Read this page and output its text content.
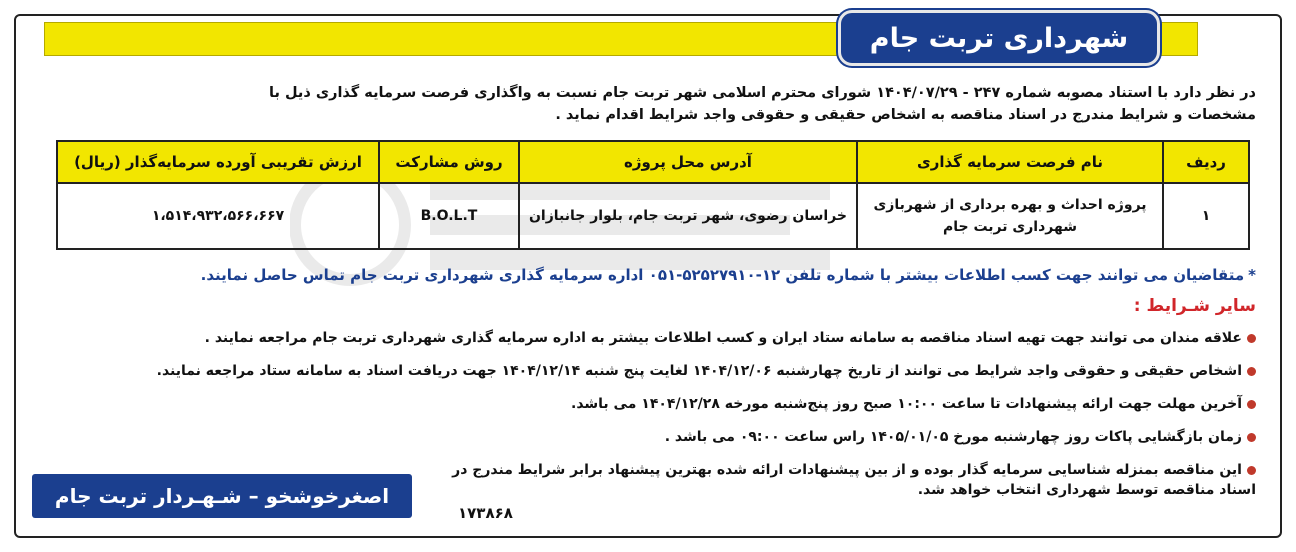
شهرداری تربت جام
در نظر دارد با استناد مصوبه شماره ۲۴۷ - ۱۴۰۴/۰۷/۲۹ شورای محترم اسلامی شهر تربت جام نسبت به واگذاری فرصت سرمایه گذاری ذیل با
مشخصات و شرایط مندرج در اسناد مناقصه به اشخاص حقیقی و حقوقی واجد شرایط اقدام نماید .
ردیف	نام فرصت سرمایه گذاری	آدرس محل پروژه	روش مشارکت	ارزش تقریبی آورده سرمایه‌گذار (ریال)
۱	پروژه احداث و بهره برداری از شهربازی شهرداری تربت جام	خراسان رضوی، شهر تربت جام، بلوار جانبازان	B.O.L.T	۱،۵۱۴،۹۳۲،۵۶۶،۶۶۷
*متقاضیان می توانند جهت کسب اطلاعات بیشتر با شماره تلفن ۱۲-۵۲۵۲۷۹۱۰-۰۵۱ اداره سرمایه گذاری شهرداری تربت جام تماس حاصل نمایند.
سایر شـرایط :
علاقه مندان می توانند جهت تهیه اسناد مناقصه به سامانه ستاد ایران و کسب اطلاعات بیشتر به اداره سرمایه گذاری شهرداری تربت جام مراجعه نمایند .
اشخاص حقیقی و حقوقی واجد شرایط می توانند از تاریخ چهارشنبه ۱۴۰۴/۱۲/۰۶ لغایت پنج شنبه ۱۴۰۴/۱۲/۱۴ جهت دریافت اسناد به سامانه ستاد مراجعه نمایند.
آخرین مهلت جهت ارائه پیشنهادات تا ساعت ۱۰:۰۰ صبح روز پنج‌شنبه مورخه ۱۴۰۴/۱۲/۲۸ می باشد.
زمان بازگشایی پاکات روز چهارشنبه مورخ ۱۴۰۵/۰۱/۰۵ راس ساعت ۰۹:۰۰ می باشد .
این مناقصه بمنزله شناسایی سرمایه گذار بوده و از بین پیشنهادات ارائه شده بهترین پیشنهاد برابر شرایط مندرج در اسناد مناقصه توسط شهرداری انتخاب خواهد شد.
اصغرخوشخو – شـهـردار تربت جام
۱۷۳۸۶۸
